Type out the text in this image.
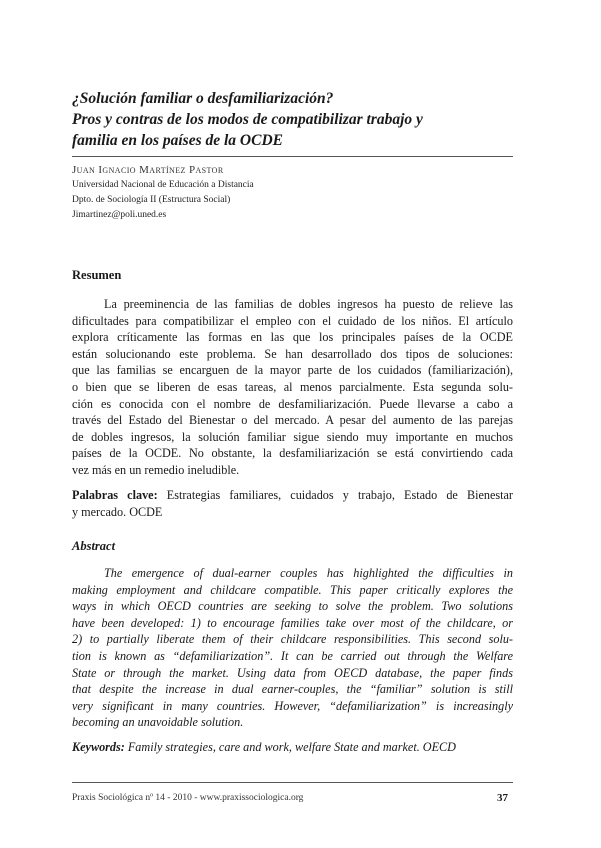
¿Solución familiar o desfamiliarización?
Pros y contras de los modos de compatibilizar trabajo y
familia en los países de la OCDE
Juan Ignacio Martínez Pastor
Universidad Nacional de Educación a Distancia
Dpto. de Sociología II (Estructura Social)
Jimartinez@poli.uned.es
Resumen
La preeminencia de las familias de dobles ingresos ha puesto de relieve las
dificultades para compatibilizar el empleo con el cuidado de los niños. El artículo
explora críticamente las formas en las que los principales países de la OCDE
están solucionando este problema. Se han desarrollado dos tipos de soluciones:
que las familias se encarguen de la mayor parte de los cuidados (familiarización),
o bien que se liberen de esas tareas, al menos parcialmente. Esta segunda solu-
ción es conocida con el nombre de desfamiliarización. Puede llevarse a cabo a
través del Estado del Bienestar o del mercado. A pesar del aumento de las parejas
de dobles ingresos, la solución familiar sigue siendo muy importante en muchos
países de la OCDE. No obstante, la desfamiliarización se está convirtiendo cada
vez más en un remedio ineludible.
Palabras clave: Estrategias familiares, cuidados y trabajo, Estado de Bienestar
y mercado. OCDE
Abstract
The emergence of dual-earner couples has highlighted the difficulties in
making employment and childcare compatible. This paper critically explores the
ways in which OECD countries are seeking to solve the problem. Two solutions
have been developed: 1) to encourage families take over most of the childcare, or
2) to partially liberate them of their childcare responsibilities. This second solu-
tion is known as “defamiliarization”. It can be carried out through the Welfare
State or through the market. Using data from OECD database, the paper finds
that despite the increase in dual earner-couples, the “familiar” solution is still
very significant in many countries. However, “defamiliarization” is increasingly
becoming an unavoidable solution.
Keywords: Family strategies, care and work, welfare State and market. OECD
Praxis Sociológica nº 14 - 2010 - www.praxissociologica.org	37
